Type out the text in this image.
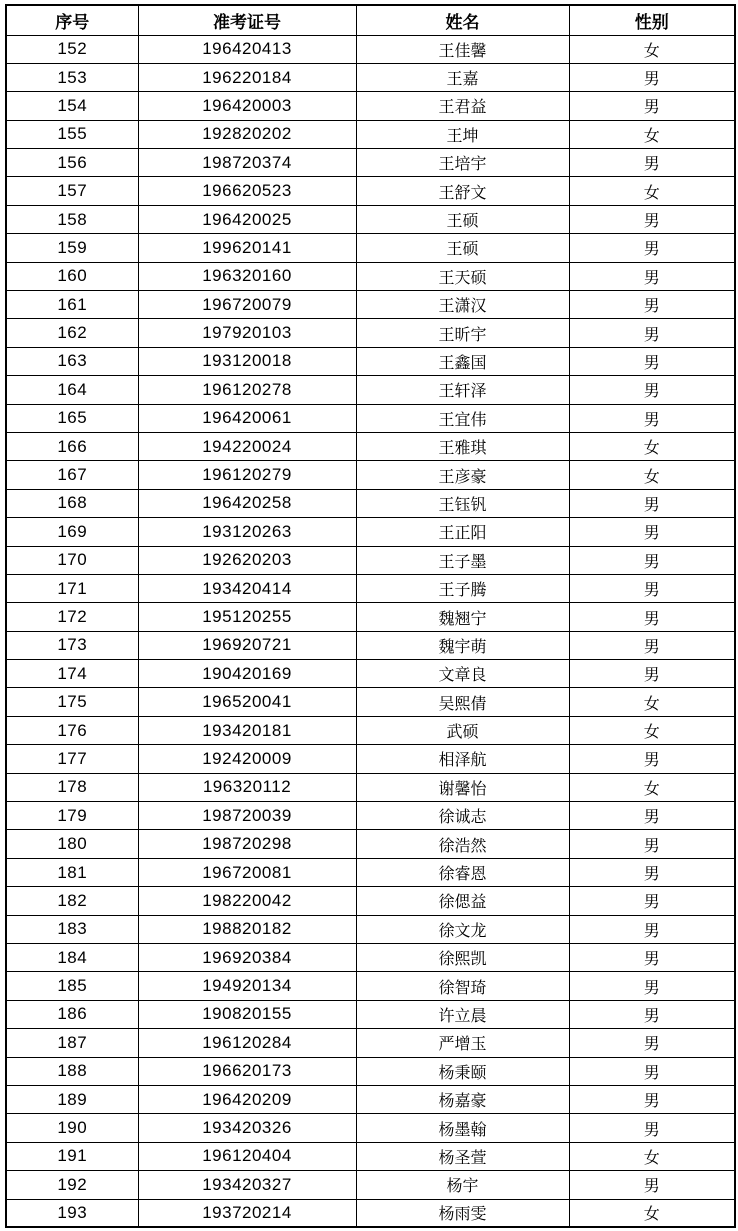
序号	准考证号	姓名	性别
152	196420413	王佳馨	女
153	196220184	王嘉	男
154	196420003	王君益	男
155	192820202	王坤	女
156	198720374	王培宇	男
157	196620523	王舒文	女
158	196420025	王硕	男
159	199620141	王硕	男
160	196320160	王天硕	男
161	196720079	王潇汉	男
162	197920103	王昕宇	男
163	193120018	王鑫国	男
164	196120278	王轩泽	男
165	196420061	王宜伟	男
166	194220024	王雅琪	女
167	196120279	王彦豪	女
168	196420258	王钰钒	男
169	193120263	王正阳	男
170	192620203	王子墨	男
171	193420414	王子腾	男
172	195120255	魏翘宁	男
173	196920721	魏宇萌	男
174	190420169	文章良	男
175	196520041	吴熙倩	女
176	193420181	武硕	女
177	192420009	相泽航	男
178	196320112	谢馨怡	女
179	198720039	徐诚志	男
180	198720298	徐浩然	男
181	196720081	徐睿恩	男
182	198220042	徐偲益	男
183	198820182	徐文龙	男
184	196920384	徐熙凯	男
185	194920134	徐智琦	男
186	190820155	许立晨	男
187	196120284	严增玉	男
188	196620173	杨秉颐	男
189	196420209	杨嘉豪	男
190	193420326	杨墨翰	男
191	196120404	杨圣萱	女
192	193420327	杨宇	男
193	193720214	杨雨雯	女
